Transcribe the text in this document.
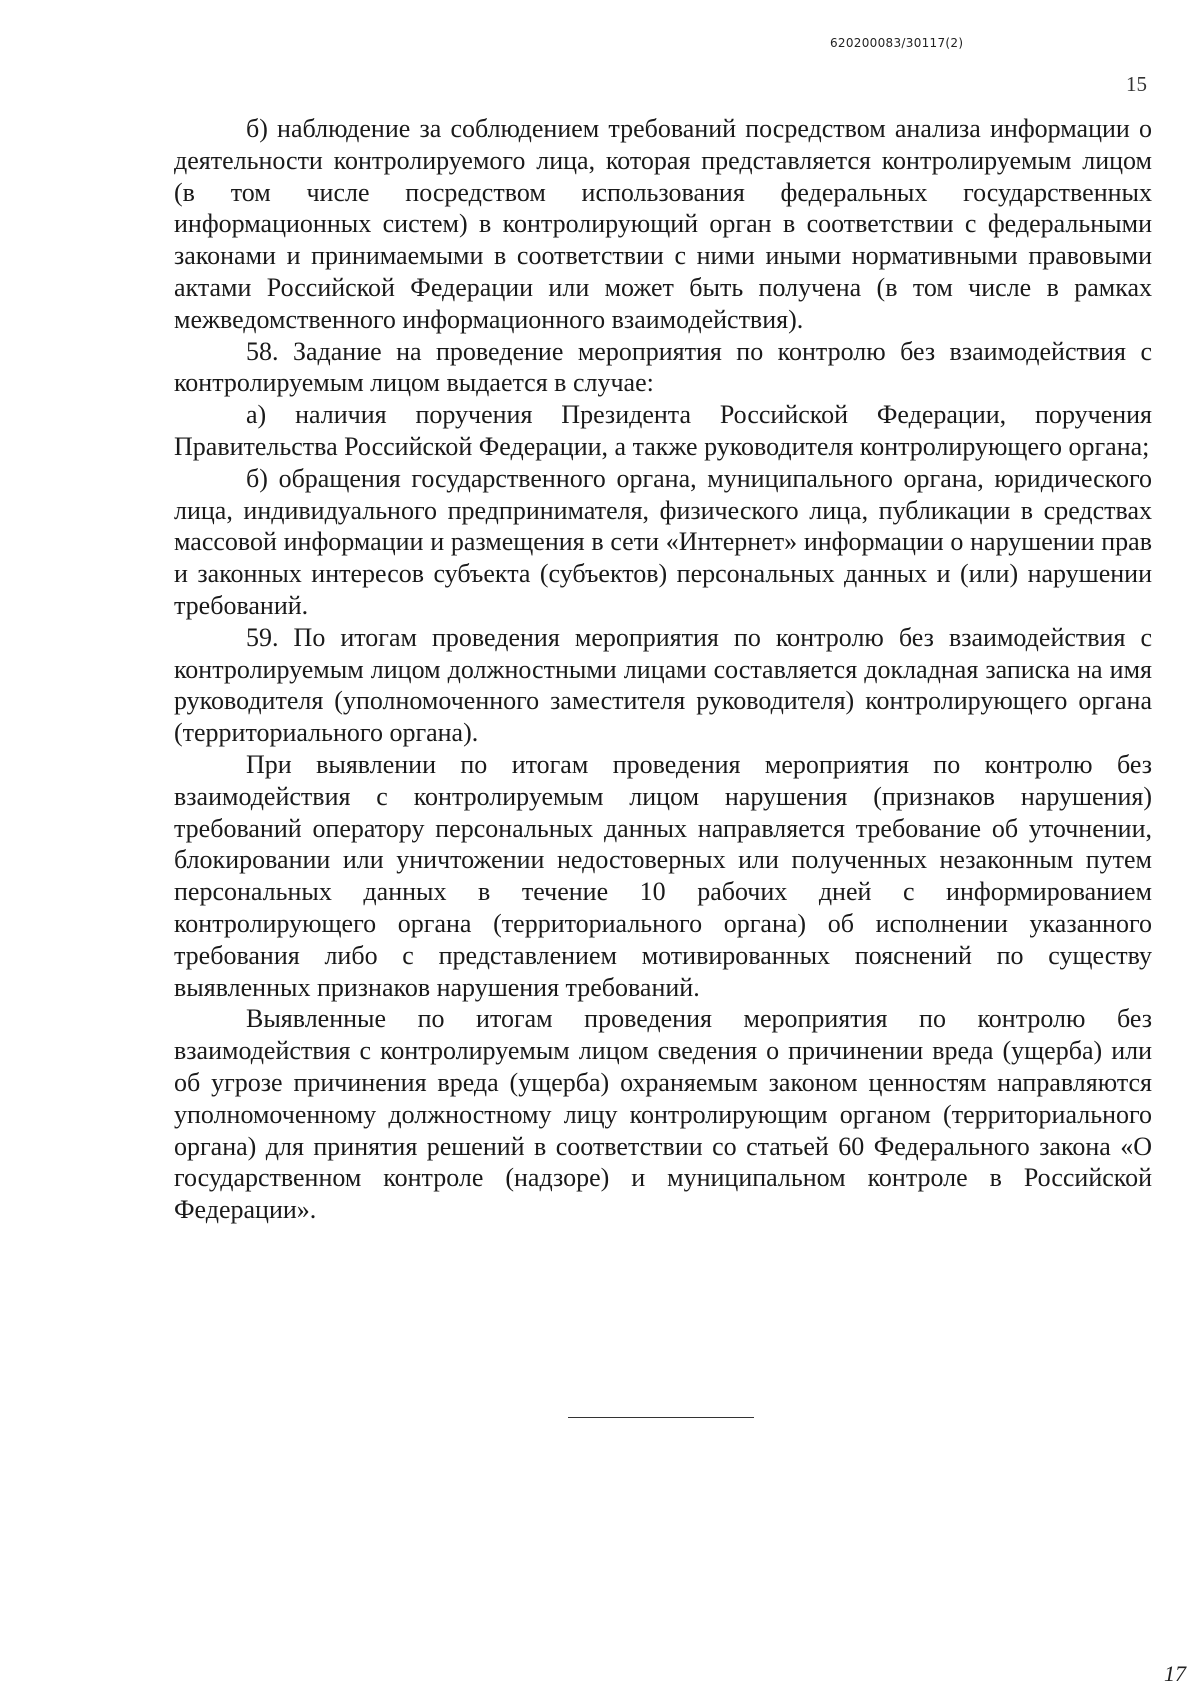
620200083/30117(2)
15

б) наблюдение за соблюдением требований посредством анализа информации о деятельности контролируемого лица, которая представляется контролируемым лицом (в том числе посредством использования федеральных государственных информационных систем) в контролирующий орган в соответствии с федеральными законами и принимаемыми в соответствии с ними иными нормативными правовыми актами Российской Федерации или может быть получена (в том числе в рамках межведомственного информационного взаимодействия).

58. Задание на проведение мероприятия по контролю без взаимодействия с контролируемым лицом выдается в случае:

а) наличия поручения Президента Российской Федерации, поручения Правительства Российской Федерации, а также руководителя контролирующего органа;

б) обращения государственного органа, муниципального органа, юридического лица, индивидуального предпринимателя, физического лица, публикации в средствах массовой информации и размещения в сети «Интернет» информации о нарушении прав и законных интересов субъекта (субъектов) персональных данных и (или) нарушении требований.

59. По итогам проведения мероприятия по контролю без взаимодействия с контролируемым лицом должностными лицами составляется докладная записка на имя руководителя (уполномоченного заместителя руководителя) контролирующего органа (территориального органа).

При выявлении по итогам проведения мероприятия по контролю без взаимодействия с контролируемым лицом нарушения (признаков нарушения) требований оператору персональных данных направляется требование об уточнении, блокировании или уничтожении недостоверных или полученных незаконным путем персональных данных в течение 10 рабочих дней с информированием контролирующего органа (территориального органа) об исполнении указанного требования либо с представлением мотивированных пояснений по существу выявленных признаков нарушения требований.

Выявленные по итогам проведения мероприятия по контролю без взаимодействия с контролируемым лицом сведения о причинении вреда (ущерба) или об угрозе причинения вреда (ущерба) охраняемым законом ценностям направляются уполномоченному должностному лицу контролирующим органом (территориального органа) для принятия решений в соответствии со статьей 60 Федерального закона «О государственном контроле (надзоре) и муниципальном контроле в Российской Федерации».

17
